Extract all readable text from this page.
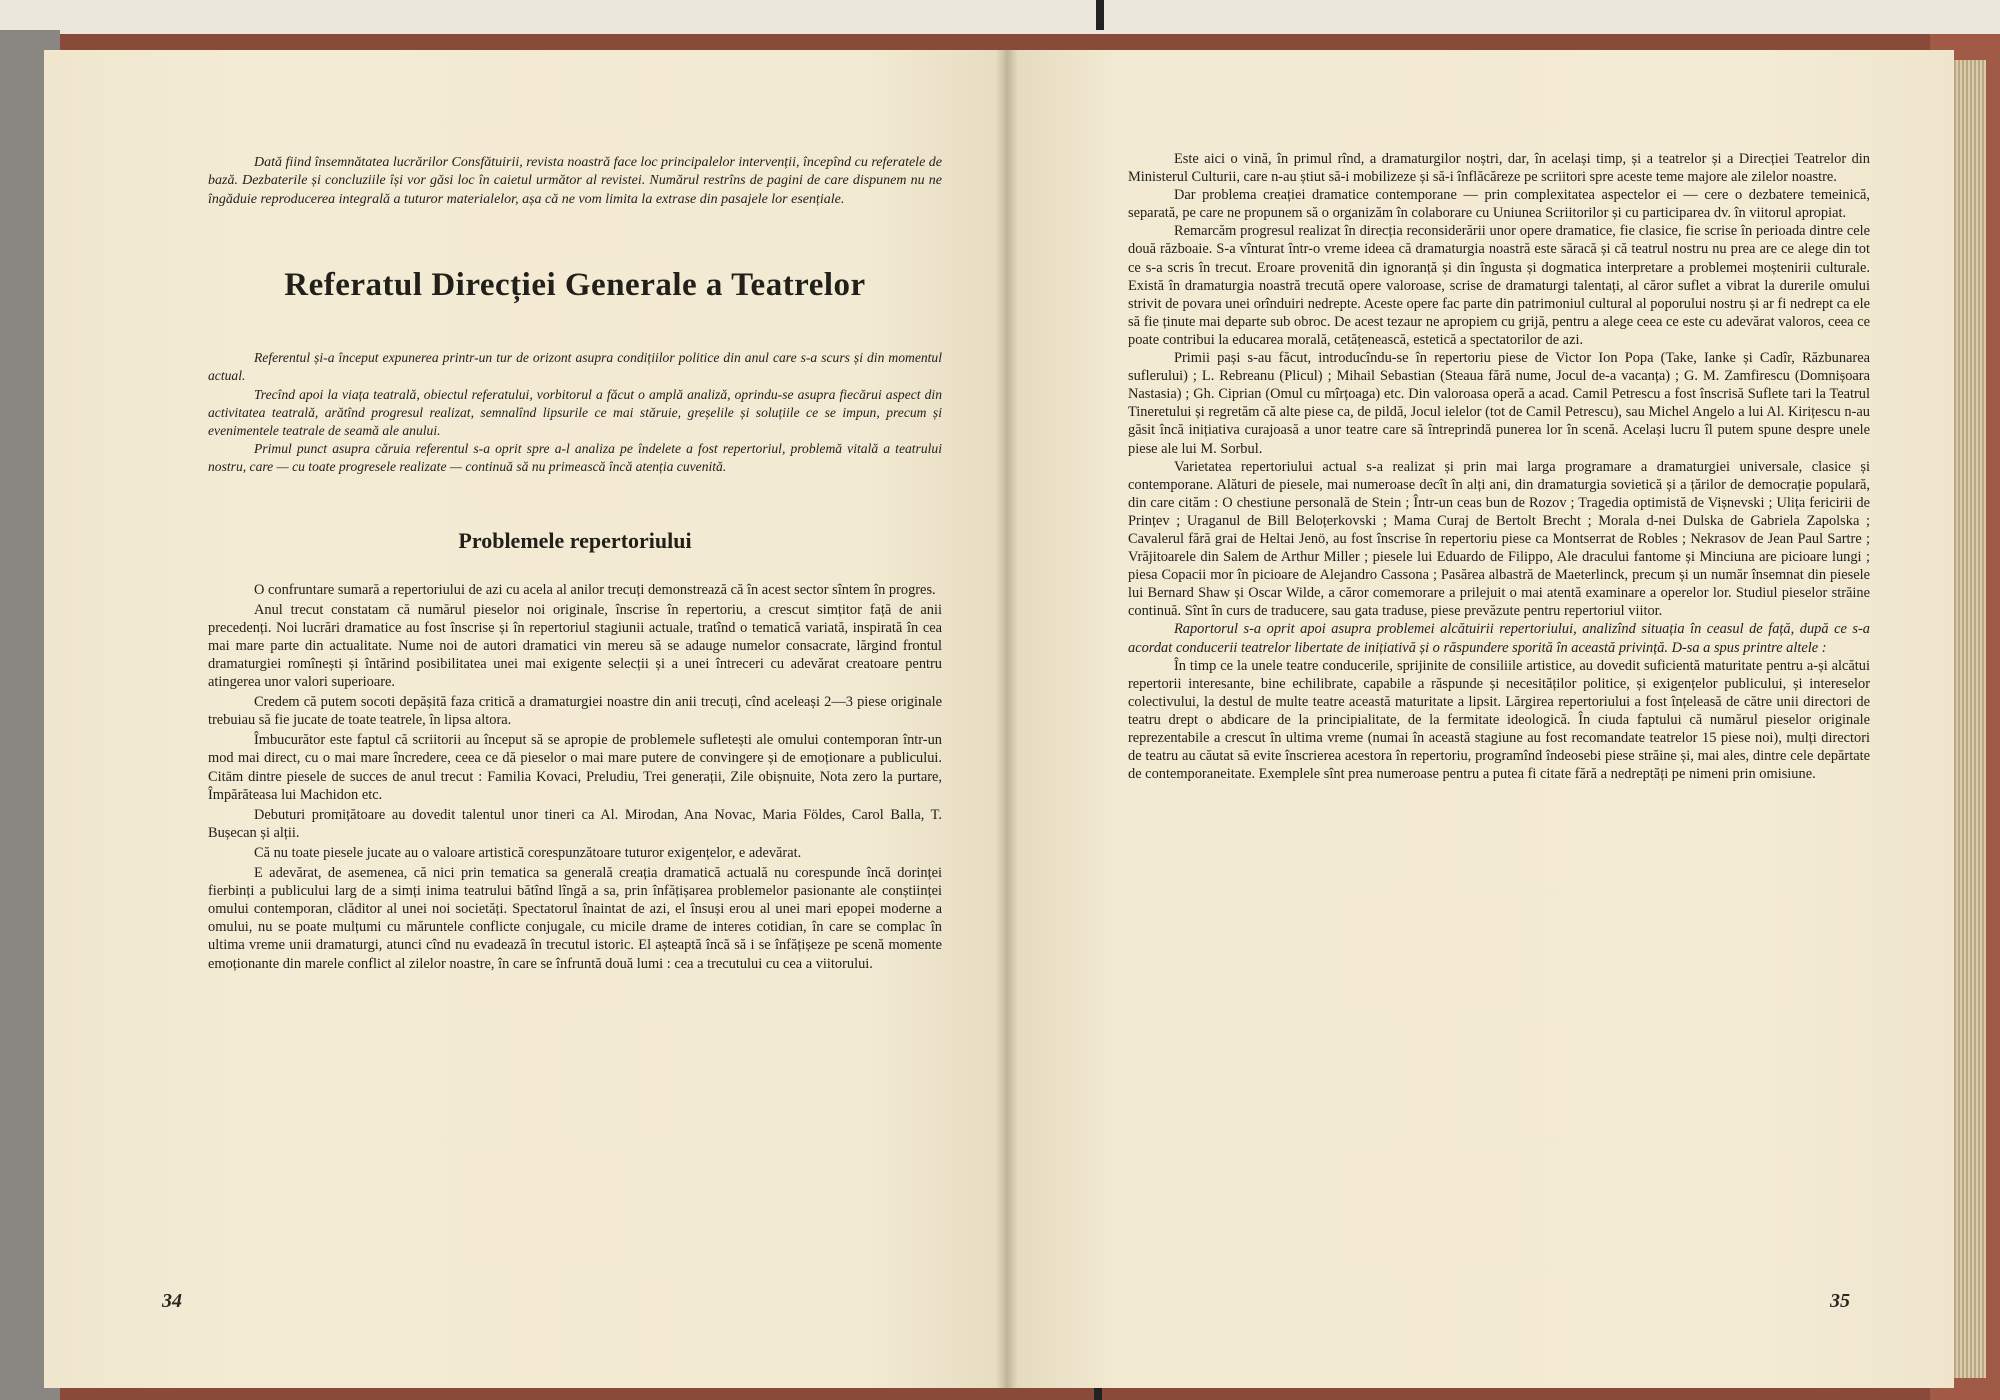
Dată fiind însemnătatea lucrărilor Consfătuirii, revista noastră face loc principalelor intervenții, începînd cu referatele de bază. Dezbaterile și concluziile își vor găsi loc în caietul următor al revistei. Numărul restrîns de pagini de care dispunem nu ne îngăduie reproducerea integrală a tuturor materialelor, așa că ne vom limita la extrase din pasajele lor esențiale.

Referatul Direcției Generale a Teatrelor

Referentul și-a început expunerea printr-un tur de orizont asupra condițiilor politice din anul care s-a scurs și din momentul actual.

Trecînd apoi la viața teatrală, obiectul referatului, vorbitorul a făcut o amplă analiză, oprindu-se asupra fiecărui aspect din activitatea teatrală, arătînd progresul realizat, semnalînd lipsurile ce mai stăruie, greșelile și soluțiile ce se impun, precum și evenimentele teatrale de seamă ale anului.

Primul punct asupra căruia referentul s-a oprit spre a-l analiza pe îndelete a fost repertoriul, problemă vitală a teatrului nostru, care — cu toate progresele realizate — continuă să nu primească încă atenția cuvenită.

Problemele repertoriului

O confruntare sumară a repertoriului de azi cu acela al anilor trecuți demonstrează că în acest sector sîntem în progres.

Anul trecut constatam că numărul pieselor noi originale, înscrise în repertoriu, a crescut simțitor față de anii precedenți. Noi lucrări dramatice au fost înscrise și în repertoriul stagiunii actuale, tratînd o tematică variată, inspirată în cea mai mare parte din actualitate. Nume noi de autori dramatici vin mereu să se adauge numelor consacrate, lărgind frontul dramaturgiei romînești și întărind posibilitatea unei mai exigente selecții și a unei întreceri cu adevărat creatoare pentru atingerea unor valori superioare.

Credem că putem socoti depășită faza critică a dramaturgiei noastre din anii trecuți, cînd aceleași 2—3 piese originale trebuiau să fie jucate de toate teatrele, în lipsa altora.

Îmbucurător este faptul că scriitorii au început să se apropie de problemele sufletești ale omului contemporan într-un mod mai direct, cu o mai mare încredere, ceea ce dă pieselor o mai mare putere de convingere și de emoționare a publicului. Citām dintre piesele de succes de anul trecut : Familia Kovaci, Preludiu, Trei generații, Zile obișnuite, Nota zero la purtare, Împărăteasa lui Machidon etc.

Debuturi promițătoare au dovedit talentul unor tineri ca Al. Mirodan, Ana Novac, Maria Földes, Carol Balla, T. Bușecan și alții.

Că nu toate piesele jucate au o valoare artistică corespunzătoare tuturor exigențelor, e adevărat.

E adevărat, de asemenea, că nici prin tematica sa generală creația dramatică actuală nu corespunde încă dorinței fierbinți a publicului larg de a simți inima teatrului bătînd lîngă a sa, prin înfățișarea problemelor pasionante ale conștiinței omului contemporan, clăditor al unei noi societăți. Spectatorul înaintat de azi, el însuși erou al unei mari epopei moderne a omului, nu se poate mulțumi cu măruntele conflicte conjugale, cu micile drame de interes cotidian, în care se complac în ultima vreme unii dramaturgi, atunci cînd nu evadează în trecutul istoric. El așteaptă încă să i se înfățișeze pe scenă momente emoționante din marele conflict al zilelor noastre, în care se înfruntă două lumi : cea a trecutului cu cea a viitorului.

34

Este aici o vină, în primul rînd, a dramaturgilor noștri, dar, în același timp, și a teatrelor și a Direcției Teatrelor din Ministerul Culturii, care n-au știut să-i mobilizeze și să-i înflăcăreze pe scriitori spre aceste teme majore ale zilelor noastre.

Dar problema creației dramatice contemporane — prin complexitatea aspectelor ei — cere o dezbatere temeinică, separată, pe care ne propunem să o organizăm în colaborare cu Uniunea Scriitorilor și cu participarea dv. în viitorul apropiat.

Remarcăm progresul realizat în direcția reconsiderării unor opere dramatice, fie clasice, fie scrise în perioada dintre cele două războaie. S-a vînturat într-o vreme ideea că dramaturgia noastră este săracă și că teatrul nostru nu prea are ce alege din tot ce s-a scris în trecut. Eroare provenită din ignoranță și din îngusta și dogmatica interpretare a problemei moștenirii culturale. Există în dramaturgia noastră trecută opere valoroase, scrise de dramaturgi talentați, al căror suflet a vibrat la durerile omului strivit de povara unei orînduiri nedrepte. Aceste opere fac parte din patrimoniul cultural al poporului nostru și ar fi nedrept ca ele să fie ținute mai departe sub obroc. De acest tezaur ne apropiem cu grijă, pentru a alege ceea ce este cu adevărat valoros, ceea ce poate contribui la educarea morală, cetățenească, estetică a spectatorilor de azi.

Primii pași s-au făcut, introducîndu-se în repertoriu piese de Victor Ion Popa (Take, Ianke și Cadîr, Răzbunarea suflerului) ; L. Rebreanu (Plicul) ; Mihail Sebastian (Steaua fără nume, Jocul de-a vacanța) ; G. M. Zamfirescu (Domnișoara Nastasia) ; Gh. Ciprian (Omul cu mîrțoaga) etc. Din valoroasa operă a acad. Camil Petrescu a fost înscrisă Suflete tari la Teatrul Tineretului și regretăm că alte piese ca, de pildă, Jocul ielelor (tot de Camil Petrescu), sau Michel Angelo a lui Al. Kirițescu n-au găsit încă inițiativa curajoasă a unor teatre care să întreprindă punerea lor în scenă. Același lucru îl putem spune despre unele piese ale lui M. Sorbul.

Varietatea repertoriului actual s-a realizat și prin mai larga programare a dramaturgiei universale, clasice și contemporane. Alături de piesele, mai numeroase decît în alți ani, din dramaturgia sovietică și a țărilor de democrație populară, din care cităm : O chestiune personală de Stein ; Într-un ceas bun de Rozov ; Tragedia optimistă de Vișnevski ; Ulița fericirii de Prințev ; Uraganul de Bill Beloțerkovski ; Mama Curaj de Bertolt Brecht ; Morala d-nei Dulska de Gabriela Zapolska ; Cavalerul fără grai de Heltai Jenö, au fost înscrise în repertoriu piese ca Montserrat de Robles ; Nekrasov de Jean Paul Sartre ; Vrăjitoarele din Salem de Arthur Miller ; piesele lui Eduardo de Filippo, Ale dracului fantome și Minciuna are picioare lungi ; piesa Copacii mor în picioare de Alejandro Cassona ; Pasărea albastră de Maeterlinck, precum și un număr însemnat din piesele lui Bernard Shaw și Oscar Wilde, a căror comemorare a prilejuit o mai atentă examinare a operelor lor. Studiul pieselor străine continuă. Sînt în curs de traducere, sau gata traduse, piese prevăzute pentru repertoriul viitor.

Raportorul s-a oprit apoi asupra problemei alcătuirii repertoriului, analizînd situația în ceasul de față, după ce s-a acordat conducerii teatrelor libertate de inițiativă și o răspundere sporită în această privință. D-sa a spus printre altele :

În timp ce la unele teatre conducerile, sprijinite de consiliile artistice, au dovedit suficientă maturitate pentru a-și alcătui repertorii interesante, bine echilibrate, capabile a răspunde și necesităților politice, și exigențelor publicului, și intereselor colectivului, la destul de multe teatre această maturitate a lipsit. Lărgirea repertoriului a fost înțeleasă de către unii directori de teatru drept o abdicare de la principialitate, de la fermitate ideologică. În ciuda faptului că numărul pieselor originale reprezentabile a crescut în ultima vreme (numai în această stagiune au fost recomandate teatrelor 15 piese noi), mulți directori de teatru au căutat să evite înscrierea acestora în repertoriu, programînd îndeosebi piese străine și, mai ales, dintre cele depărtate de contemporaneitate. Exemplele sînt prea numeroase pentru a putea fi citate fără a nedreptăți pe nimeni prin omisiune.

35
